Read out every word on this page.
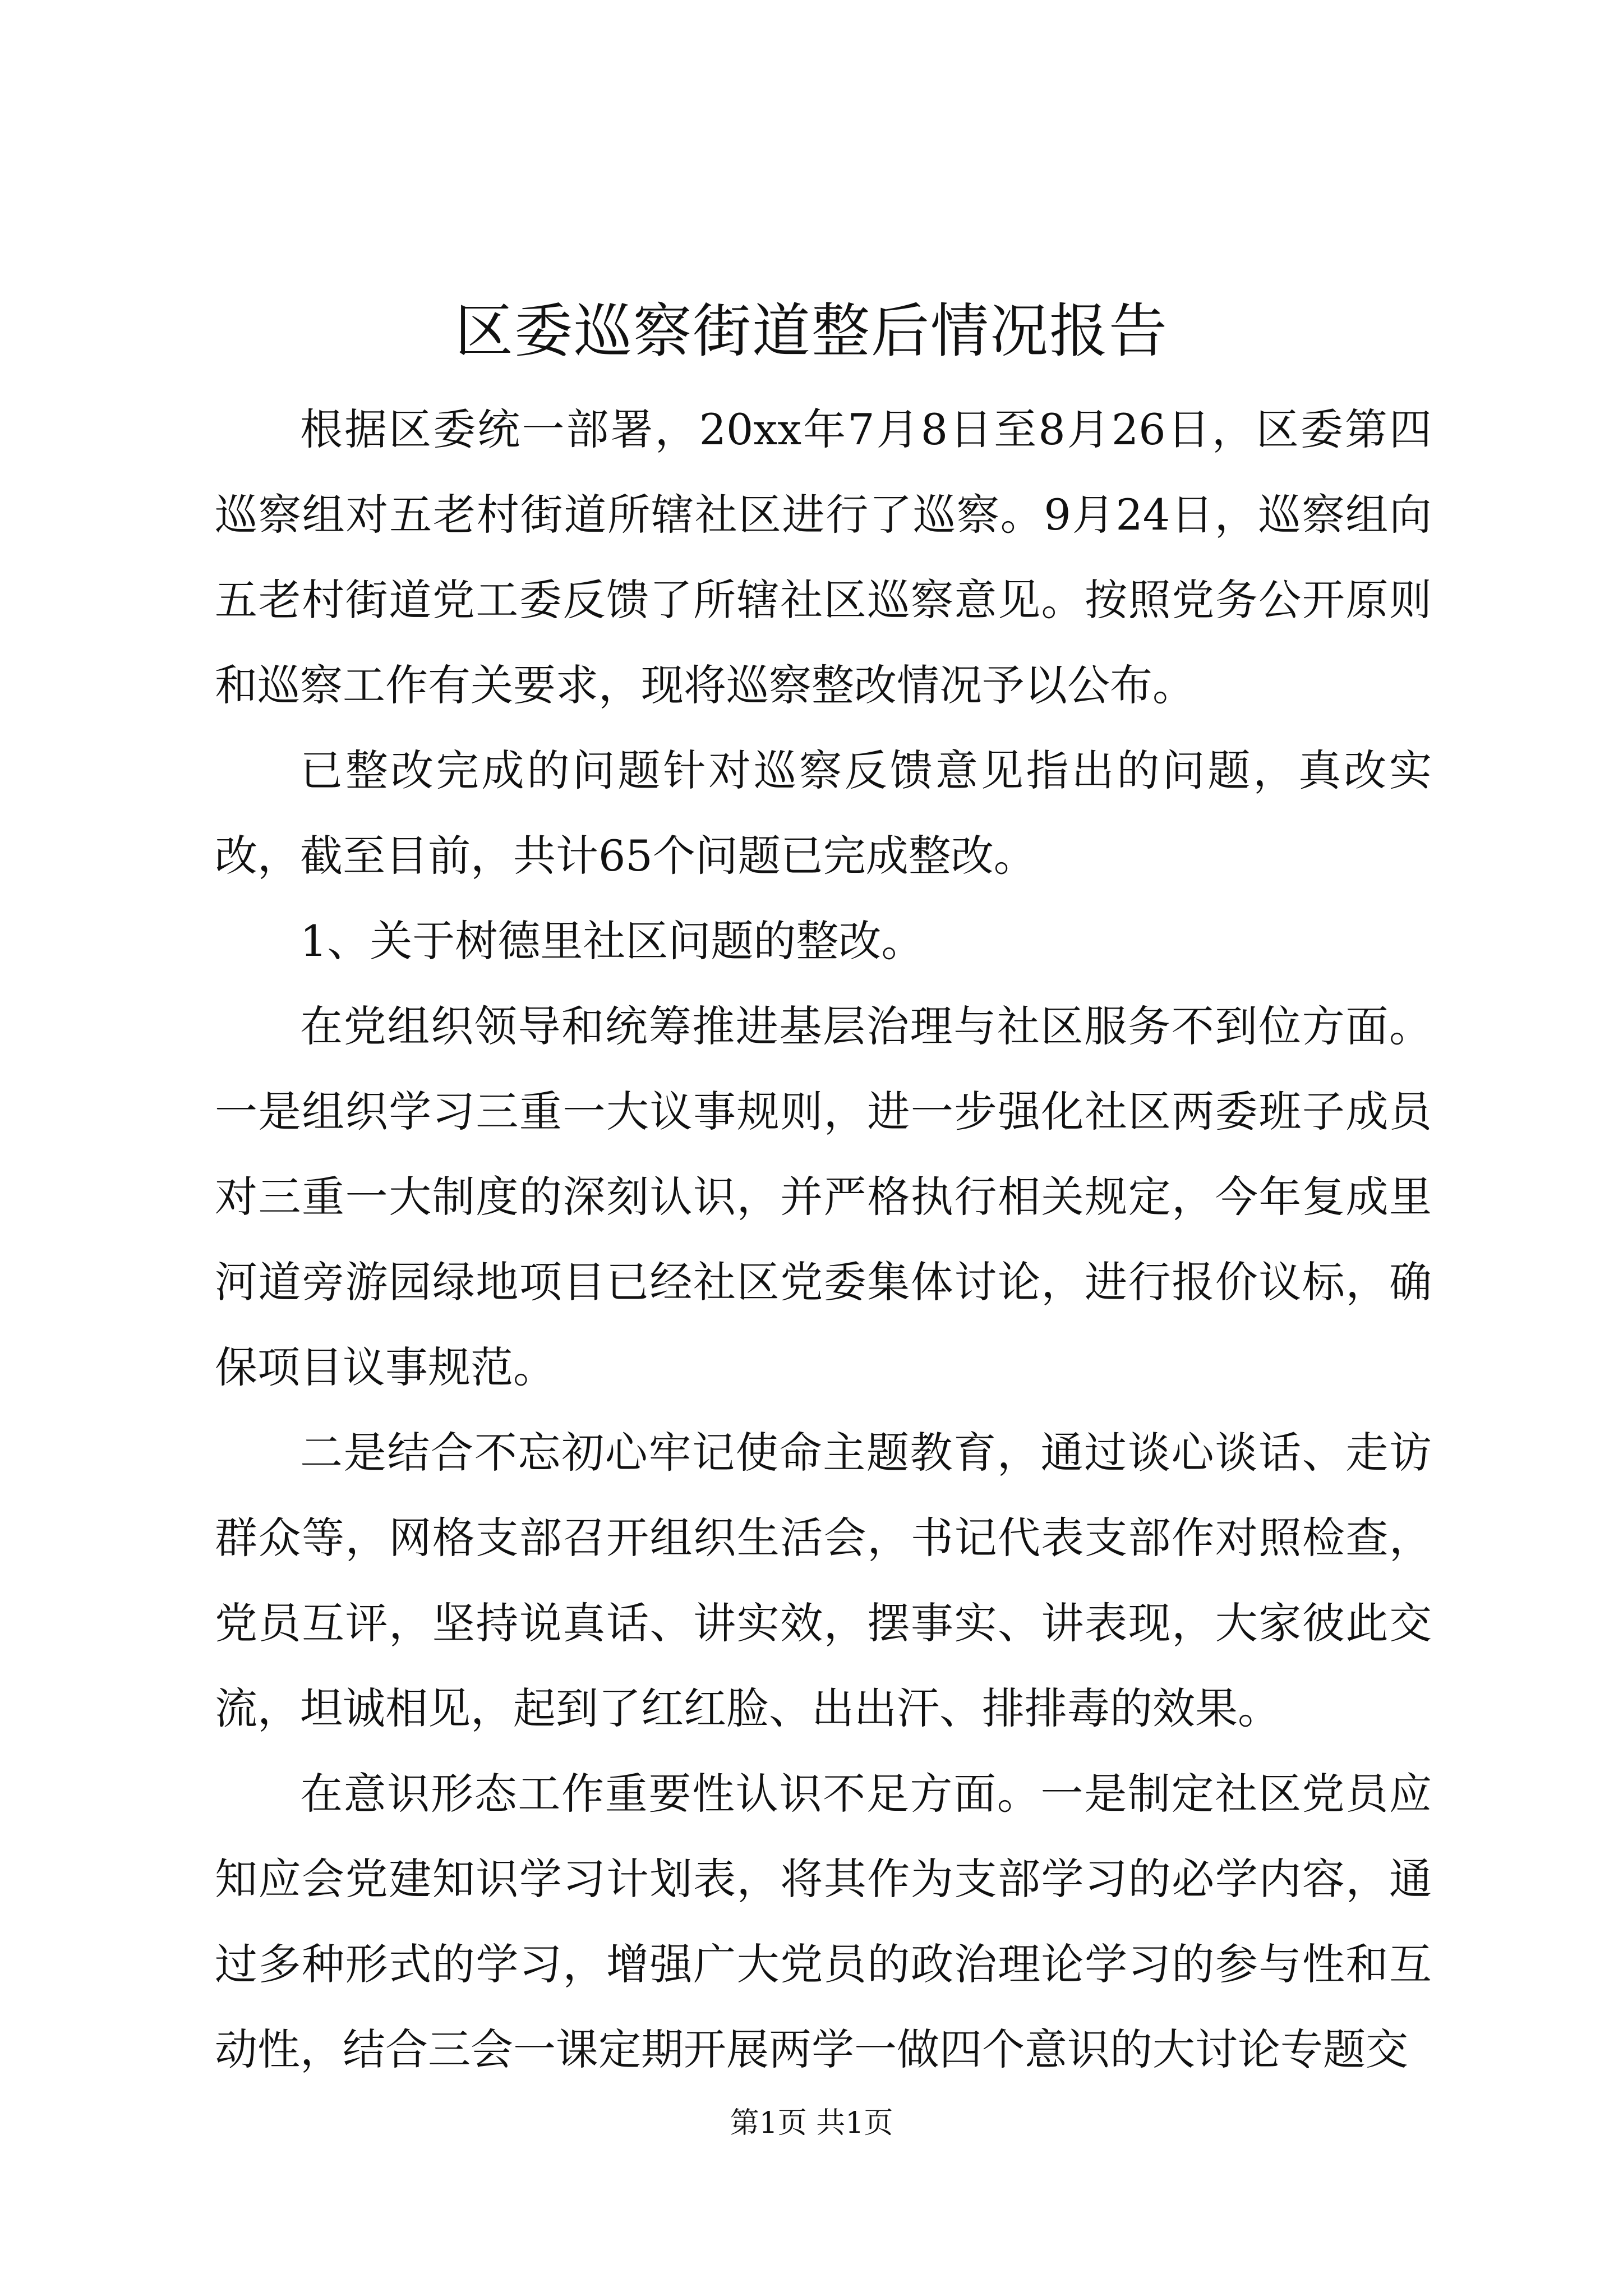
区委巡察街道整后情况报告

根据区委统一部署，20xx年7月8日至8月26日，区委第四巡察组对五老村街道所辖社区进行了巡察。9月24日，巡察组向五老村街道党工委反馈了所辖社区巡察意见。按照党务公开原则和巡察工作有关要求，现将巡察整改情况予以公布。

已整改完成的问题针对巡察反馈意见指出的问题，真改实改，截至目前，共计65个问题已完成整改。

1、关于树德里社区问题的整改。

在党组织领导和统筹推进基层治理与社区服务不到位方面。一是组织学习三重一大议事规则，进一步强化社区两委班子成员对三重一大制度的深刻认识，并严格执行相关规定，今年复成里河道旁游园绿地项目已经社区党委集体讨论，进行报价议标，确保项目议事规范。

二是结合不忘初心牢记使命主题教育，通过谈心谈话、走访群众等，网格支部召开组织生活会，书记代表支部作对照检查，党员互评，坚持说真话、讲实效，摆事实、讲表现，大家彼此交流，坦诚相见，起到了红红脸、出出汗、排排毒的效果。

在意识形态工作重要性认识不足方面。一是制定社区党员应知应会党建知识学习计划表，将其作为支部学习的必学内容，通过多种形式的学习，增强广大党员的政治理论学习的参与性和互动性，结合三会一课定期开展两学一做四个意识的大讨论专题交

第1页 共1页
